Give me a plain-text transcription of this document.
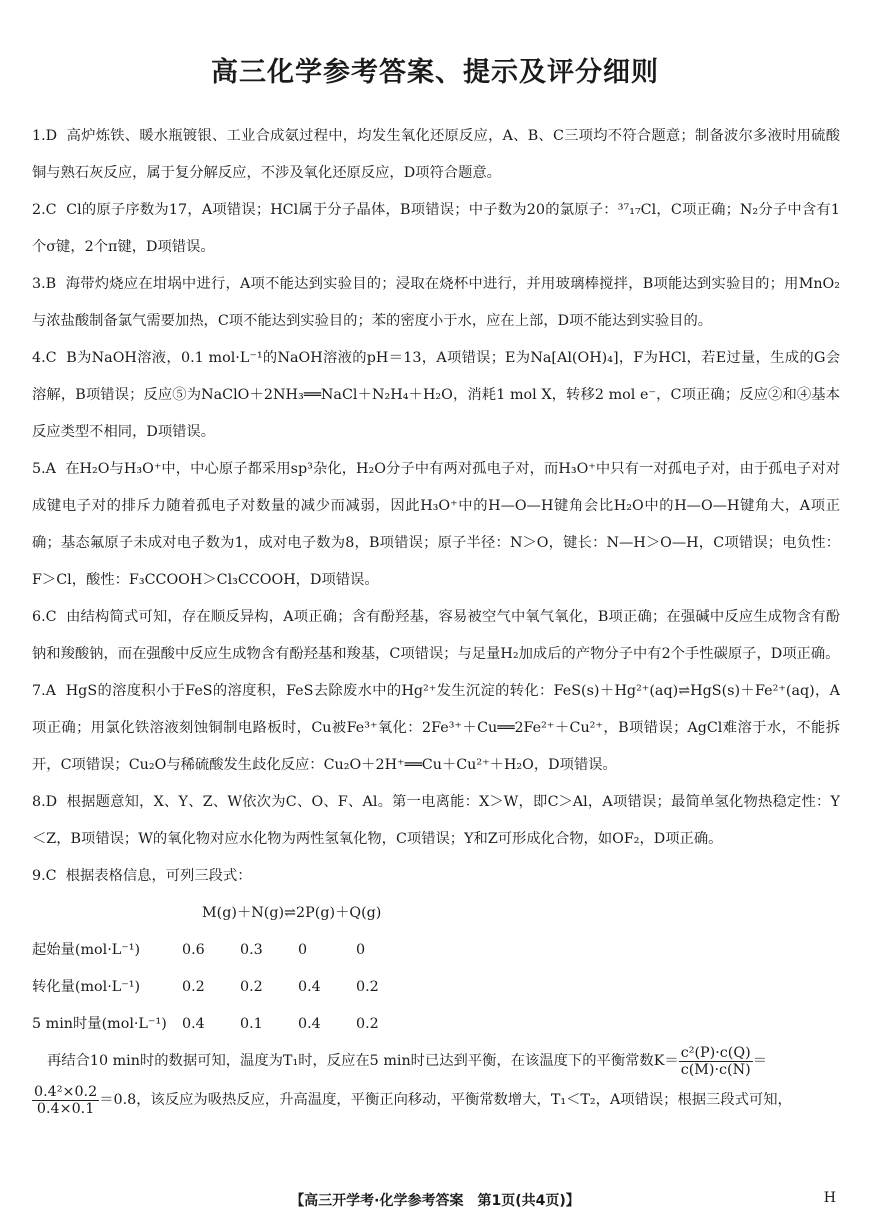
高三化学参考答案、提示及评分细则
1.D 高炉炼铁、暖水瓶镀银、工业合成氨过程中，均发生氧化还原反应，A、B、C三项均不符合题意；制备波尔多液时用硫酸铜与熟石灰反应，属于复分解反应，不涉及氧化还原反应，D项符合题意。
2.C Cl的原子序数为17，A项错误；HCl属于分子晶体，B项错误；中子数为20的氯原子：³⁷₁₇Cl，C项正确；N₂分子中含有1个σ键，2个π键，D项错误。
3.B 海带灼烧应在坩埚中进行，A项不能达到实验目的；浸取在烧杯中进行，并用玻璃棒搅拌，B项能达到实验目的；用MnO₂与浓盐酸制备氯气需要加热，C项不能达到实验目的；苯的密度小于水，应在上部，D项不能达到实验目的。
4.C B为NaOH溶液，0.1 mol·L⁻¹的NaOH溶液的pH＝13，A项错误；E为Na[Al(OH)₄]，F为HCl，若E过量，生成的G会溶解，B项错误；反应⑤为NaClO＋2NH₃══NaCl＋N₂H₄＋H₂O，消耗1 mol X，转移2 mol e⁻，C项正确；反应②和④基本反应类型不相同，D项错误。
5.A 在H₂O与H₃O⁺中，中心原子都采用sp³杂化，H₂O分子中有两对孤电子对，而H₃O⁺中只有一对孤电子对，由于孤电子对对成键电子对的排斥力随着孤电子对数量的减少而减弱，因此H₃O⁺中的H—O—H键角会比H₂O中的H—O—H键角大，A项正确；基态氟原子未成对电子数为1，成对电子数为8，B项错误；原子半径：N＞O，键长：N—H＞O—H，C项错误；电负性：F＞Cl，酸性：F₃CCOOH＞Cl₃CCOOH，D项错误。
6.C 由结构简式可知，存在顺反异构，A项正确；含有酚羟基，容易被空气中氧气氧化，B项正确；在强碱中反应生成物含有酚钠和羧酸钠，而在强酸中反应生成物含有酚羟基和羧基，C项错误；与足量H₂加成后的产物分子中有2个手性碳原子，D项正确。
7.A HgS的溶度积小于FeS的溶度积，FeS去除废水中的Hg²⁺发生沉淀的转化：FeS(s)＋Hg²⁺(aq)⇌HgS(s)＋Fe²⁺(aq)，A项正确；用氯化铁溶液刻蚀铜制电路板时，Cu被Fe³⁺氧化：2Fe³⁺＋Cu══2Fe²⁺＋Cu²⁺，B项错误；AgCl难溶于水，不能拆开，C项错误；Cu₂O与稀硫酸发生歧化反应：Cu₂O＋2H⁺══Cu＋Cu²⁺＋H₂O，D项错误。
8.D 根据题意知，X、Y、Z、W依次为C、O、F、Al。第一电离能：X＞W，即C＞Al，A项错误；最简单氢化物热稳定性：Y＜Z，B项错误；W的氧化物对应水化物为两性氢氧化物，C项错误；Y和Z可形成化合物，如OF₂，D项正确。
9.C 根据表格信息，可列三段式：
M(g)＋N(g)⇌2P(g)＋Q(g)
起始量(mol·L⁻¹)	0.6	0.3	0	0
转化量(mol·L⁻¹)	0.2	0.2	0.4	0.2
5 min时量(mol·L⁻¹)	0.4	0.1	0.4	0.2
再结合10 min时的数据可知，温度为T₁时，反应在5 min时已达到平衡，在该温度下的平衡常数$K= \frac{\text{c²(P)·c(Q)}}{c(M)\cdot c(N)}$ ＝
$\frac{\text{0.4²×0.2}}{0.4\times 0.1} =0.8$，该反应为吸热反应，升高温度，平衡正向移动，平衡常数增大，T₁＜T₂，A项错误；根据三段式可知，
【高三开学考·化学参考答案　第1页(共4页)】	H
